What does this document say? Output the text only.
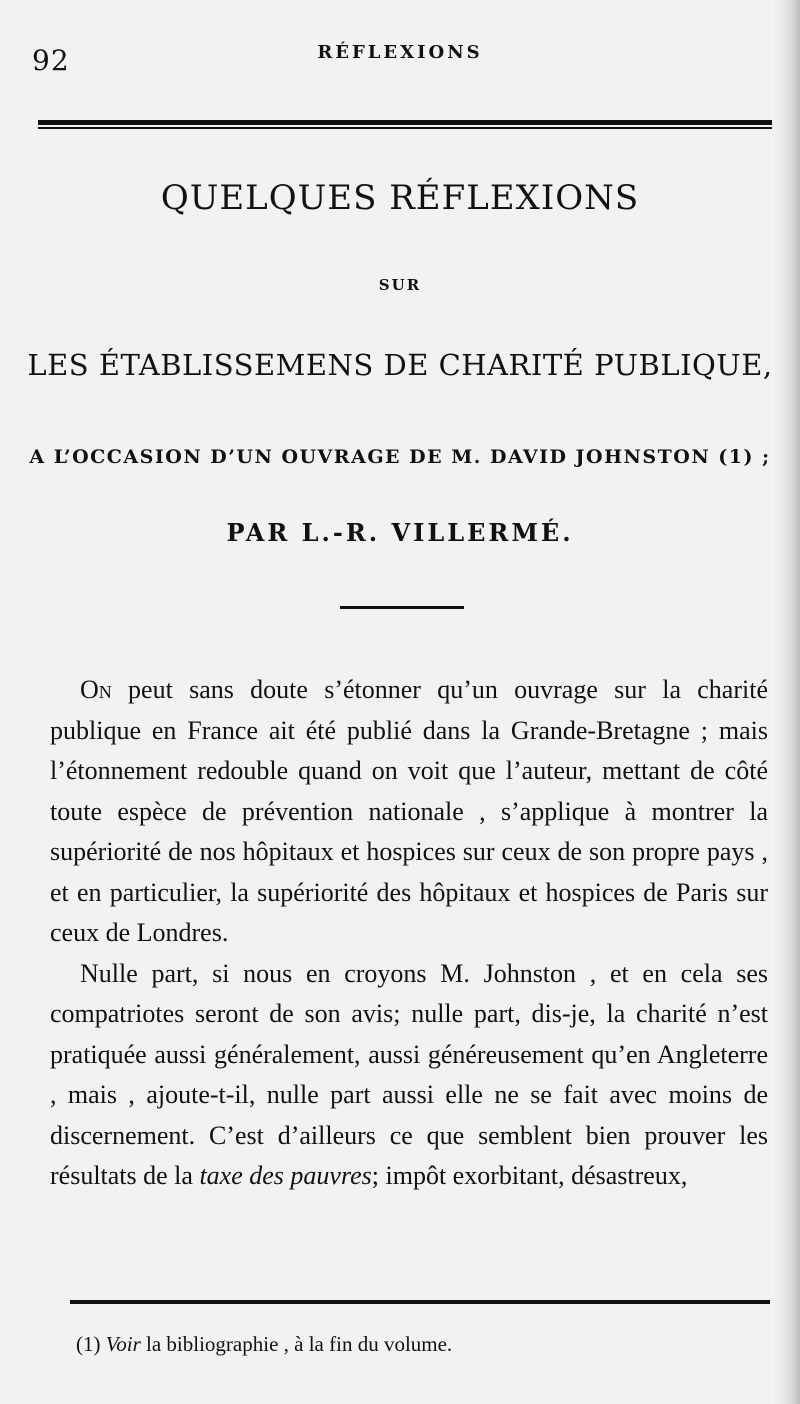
92	RÉFLEXIONS
QUELQUES RÉFLEXIONS
SUR
LES ÉTABLISSEMENS DE CHARITÉ PUBLIQUE,
A L’OCCASION D’UN OUVRAGE DE M. DAVID JOHNSTON (1) ;
PAR L.-R. VILLERMÉ.

On peut sans doute s’étonner qu’un ouvrage sur la charité publique en France ait été publié dans la Grande-Bretagne ; mais l’étonnement redouble quand on voit que l’auteur, mettant de côté toute espèce de prévention nationale , s’applique à montrer la supériorité de nos hôpitaux et hospices sur ceux de son propre pays , et en particulier, la supériorité des hôpitaux et hospices de Paris sur ceux de Londres.

Nulle part, si nous en croyons M. Johnston , et en cela ses compatriotes seront de son avis; nulle part, dis-je, la charité n’est pratiquée aussi généralement, aussi généreusement qu’en Angleterre , mais , ajoute-t-il, nulle part aussi elle ne se fait avec moins de discernement. C’est d’ailleurs ce que semblent bien prouver les résultats de la taxe des pauvres; impôt exorbitant, désastreux,

(1) Voir la bibliographie , à la fin du volume.
